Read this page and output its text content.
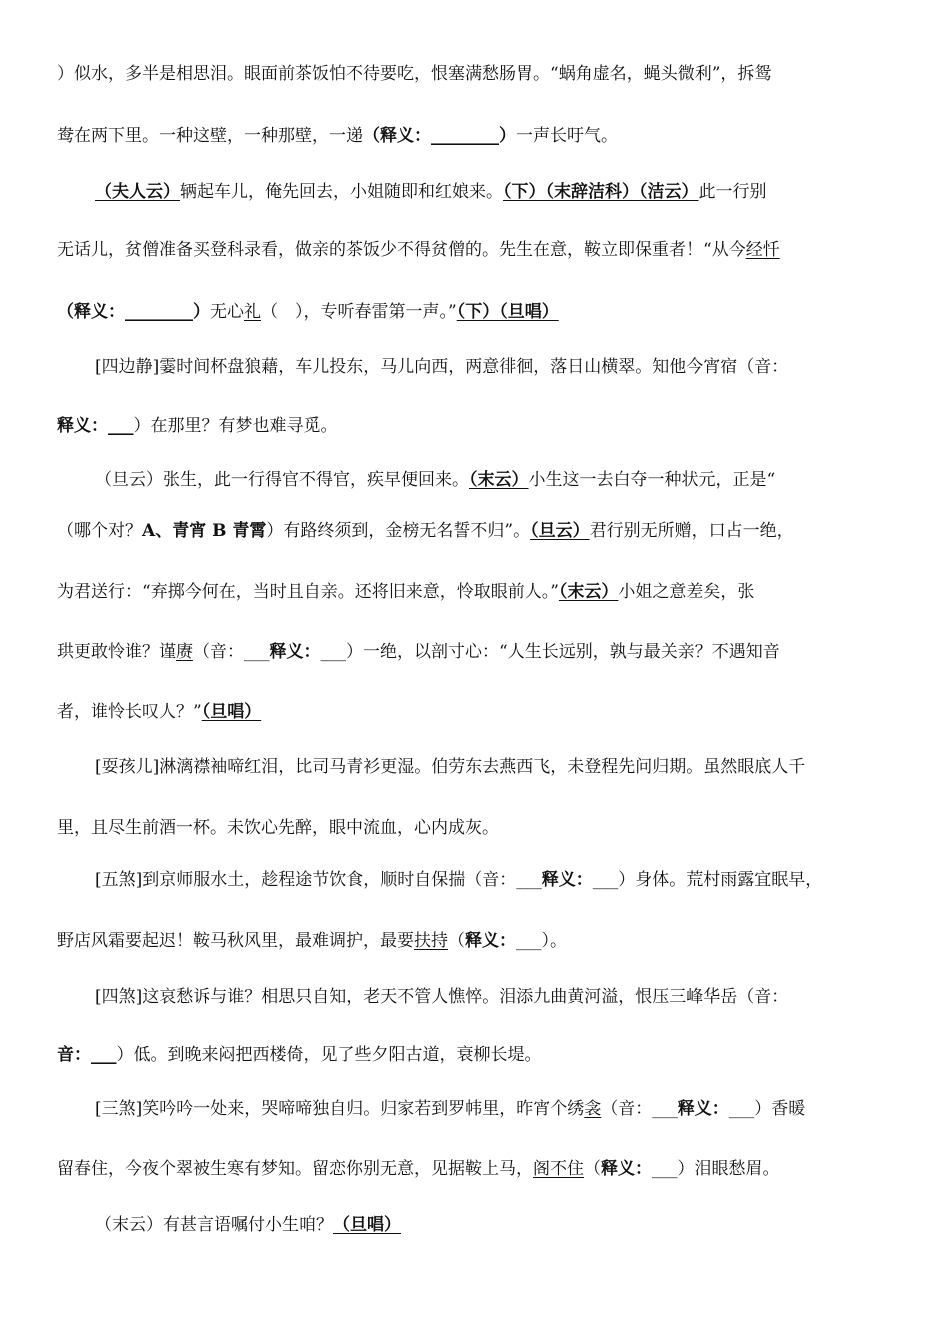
）似水，多半是相思泪。眼面前茶饭怕不待要吃，恨塞满愁肠胃。“蜗角虚名，蝇头微利”，拆鸳
鸯在两下里。一种这壁，一种那壁，一递（释义：________）一声长吁气。
（夫人云）辆起车儿，俺先回去，小姐随即和红娘来。（下）（末辞洁科）（洁云）此一行别
无话儿，贫僧准备买登科录看，做亲的茶饭少不得贫僧的。先生在意，鞍立即保重者！“从今经忏
（释义：________）无心礼（　），专听春雷第一声。”（下）（旦唱）
[四边静]霎时间杯盘狼藉，车儿投东，马儿向西，两意徘徊，落日山横翠。知他今宵宿（音：
释义：___）在那里？有梦也难寻觅。
（旦云）张生，此一行得官不得官，疾早便回来。（末云）小生这一去白夺一种状元，正是“
（哪个对？A、青宵 B 青霄）有路终须到，金榜无名誓不归”。（旦云）君行别无所赠，口占一绝，
为君送行：“弃掷今何在，当时且自亲。还将旧来意，怜取眼前人。”（末云）小姐之意差矣，张
珙更敢怜谁？谨赓（音：___释义：___）一绝，以剖寸心：“人生长远别，孰与最关亲？不遇知音
者，谁怜长叹人？”（旦唱）
[耍孩儿]淋漓襟袖啼红泪，比司马青衫更湿。伯劳东去燕西飞，未登程先问归期。虽然眼底人千
里，且尽生前酒一杯。未饮心先醉，眼中流血，心内成灰。
[五煞]到京师服水土，趁程途节饮食，顺时自保揣（音：___释义：___）身体。荒村雨露宜眠早，
野店风霜要起迟！鞍马秋风里，最难调护，最要扶持（释义：___）。
[四煞]这哀愁诉与谁？相思只自知，老天不管人憔悴。泪添九曲黄河溢，恨压三峰华岳（音：
音：___）低。到晚来闷把西楼倚，见了些夕阳古道，衰柳长堤。
[三煞]笑吟吟一处来，哭啼啼独自归。归家若到罗帏里，昨宵个绣衾（音：___释义：___）香暖
留春住，今夜个翠被生寒有梦知。留恋你别无意，见据鞍上马，阁不住（释义：___）泪眼愁眉。
（末云）有甚言语嘱付小生咱？（旦唱）
